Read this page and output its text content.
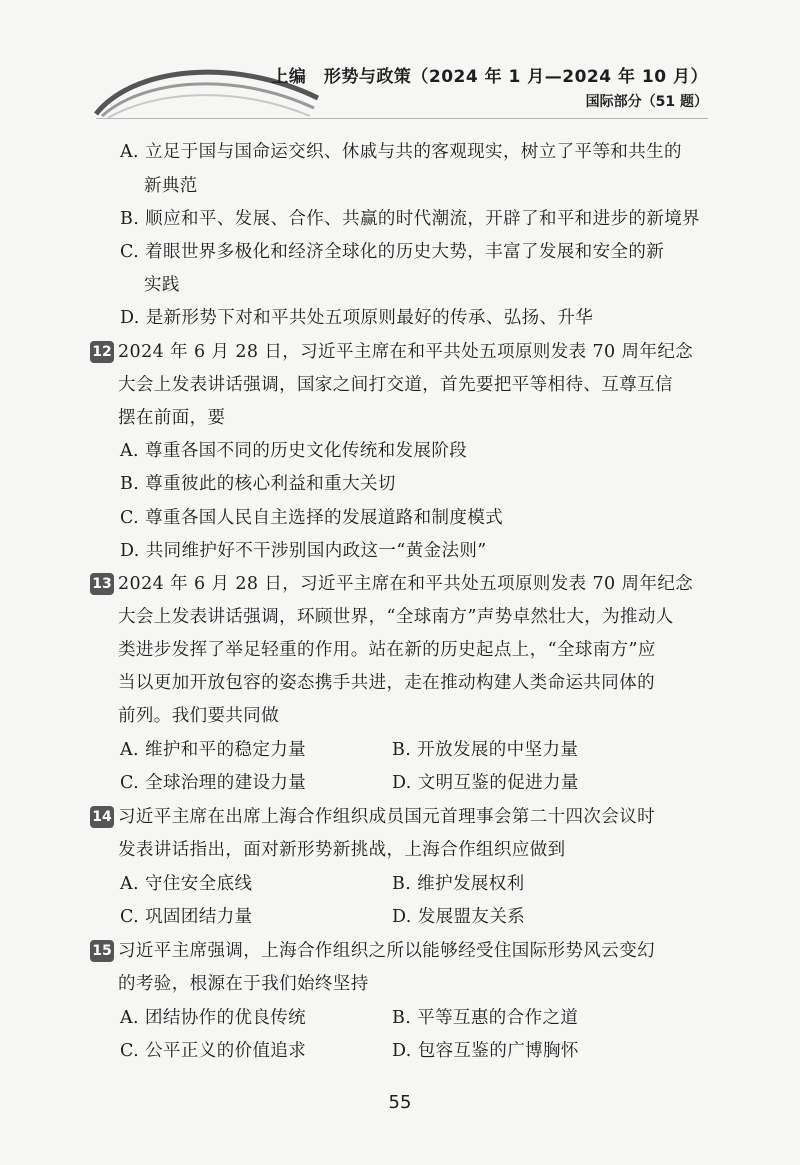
上编　形势与政策（2024 年 1 月—2024 年 10 月）
国际部分（51 题）
A. 立足于国与国命运交织、休戚与共的客观现实，树立了平等和共生的
新典范
B. 顺应和平、发展、合作、共赢的时代潮流，开辟了和平和进步的新境界
C. 着眼世界多极化和经济全球化的历史大势，丰富了发展和安全的新
实践
D. 是新形势下对和平共处五项原则最好的传承、弘扬、升华
12 2024 年 6 月 28 日，习近平主席在和平共处五项原则发表 70 周年纪念
大会上发表讲话强调，国家之间打交道，首先要把平等相待、互尊互信
摆在前面，要
A. 尊重各国不同的历史文化传统和发展阶段
B. 尊重彼此的核心利益和重大关切
C. 尊重各国人民自主选择的发展道路和制度模式
D. 共同维护好不干涉别国内政这一“黄金法则”
13 2024 年 6 月 28 日，习近平主席在和平共处五项原则发表 70 周年纪念
大会上发表讲话强调，环顾世界，“全球南方”声势卓然壮大，为推动人
类进步发挥了举足轻重的作用。站在新的历史起点上，“全球南方”应
当以更加开放包容的姿态携手共进，走在推动构建人类命运共同体的
前列。我们要共同做
A. 维护和平的稳定力量	B. 开放发展的中坚力量
C. 全球治理的建设力量	D. 文明互鉴的促进力量
14 习近平主席在出席上海合作组织成员国元首理事会第二十四次会议时
发表讲话指出，面对新形势新挑战，上海合作组织应做到
A. 守住安全底线	B. 维护发展权利
C. 巩固团结力量	D. 发展盟友关系
15 习近平主席强调，上海合作组织之所以能够经受住国际形势风云变幻
的考验，根源在于我们始终坚持
A. 团结协作的优良传统	B. 平等互惠的合作之道
C. 公平正义的价值追求	D. 包容互鉴的广博胸怀
55
